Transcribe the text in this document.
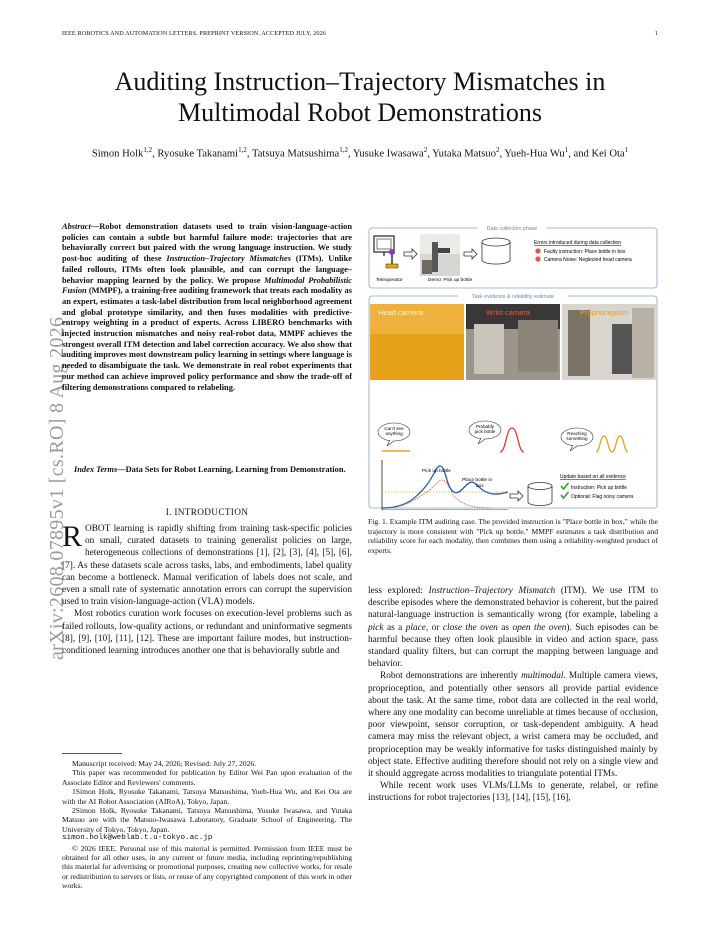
IEEE ROBOTICS AND AUTOMATION LETTERS. PREPRINT VERSION. ACCEPTED JULY, 2026	1
arXiv:2608.07895v1 [cs.RO] 8 Aug 2026
Auditing Instruction–Trajectory Mismatches in Multimodal Robot Demonstrations
Simon Holk$^{1,2}$, Ryosuke Takanami$^{1,2}$, Tatsuya Matsushima$^{1,2}$, Yusuke Iwasawa$^2$, Yutaka Matsuo$^2$, Yueh-Hua Wu$^1$, and Kei Ota$^1$
Abstract—Robot demonstration datasets used to train vision-language-action policies can contain a subtle but harmful failure mode: trajectories that are behaviorally correct but paired with the wrong language instruction. We study post-hoc auditing of these Instruction–Trajectory Mismatches (ITMs). Unlike failed rollouts, ITMs often look plausible, and can corrupt the language–behavior mapping learned by the policy. We propose Multimodal Probabilistic Fusion (MMPF), a training-free auditing framework that treats each modality as an expert, estimates a task-label distribution from local neighborhood agreement and global prototype similarity, and then fuses modalities with predictive-entropy weighting in a product of experts. Across LIBERO benchmarks with injected instruction mismatches and noisy real-robot data, MMPF achieves the strongest overall ITM detection and label correction accuracy. We also show that auditing improves most downstream policy learning in settings where language is needed to disambiguate the task. We demonstrate in real robot experiments that our method can achieve improved policy performance and show the trade-off of filtering demonstrations compared to relabeling.
Index Terms—Data Sets for Robot Learning, Learning from Demonstration.
I. INTRODUCTION

ROBOT learning is rapidly shifting from training task-specific policies on small, curated datasets to training generalist policies on large, heterogeneous collections of demonstrations [1], [2], [3], [4], [5], [6], [7]. As these datasets scale across tasks, labs, and embodiments, label quality can become a bottleneck. Manual verification of labels does not scale, and even a small rate of systematic annotation errors can corrupt the supervision used to train vision-language-action (VLA) models.

Most robotics curation work focuses on execution-level problems such as failed rollouts, low-quality actions, or redundant and uninformative segments [8], [9], [10], [11], [12]. These are important failure modes, but instruction-conditioned learning introduces another one that is behaviorally subtle and

Manuscript received: May 24, 2026; Revised: July 27, 2026.

This paper was recommended for publication by Editor Wei Pan upon evaluation of the Associate Editor and Reviewers' comments.

1Simon Holk, Ryosuke Takanami, Tatsuya Matsushima, Yueh-Hua Wu, and Kei Ota are with the AI Robot Association (AIRoA), Tokyo, Japan.

2Simon Holk, Ryosuke Takanami, Tatsuya Matsushima, Yusuke Iwasawa, and Yutaka Matsuo are with the Matsuo-Iwasawa Laboratory, Graduate School of Engineering, The University of Tokyo, Tokyo, Japan.

simon.holk@weblab.t.u-tokyo.ac.jp

© 2026 IEEE. Personal use of this material is permitted. Permission from IEEE must be obtained for all other uses, in any current or future media, including reprinting/republishing this material for advertising or promotional purposes, creating new collective works, for resale or redistribution to servers or lists, or reuse of any copyrighted component of this work in other works.

Data collection phase
Teleoperator	Demo: Pick up bottle
Errors introduced during data collection
Faulty instruction: Place bottle in box
Camera Noise: Neglected head camera
Task evidence & reliability estimate
Head camera	Wrist camera	Proprioception
Can't see anything
Probably pick bottle	Reaching something
Pick up bottle
Place bottle in box
Update based on all evidence
Instruction: Pick up bottle
Optional: Flag noisy camera
Fig. 1. Example ITM auditing case. The provided instruction is "Place bottle in box," while the trajectory is more consistent with "Pick up bottle." MMPF estimates a task distribution and reliability score for each modality, then combines them using a reliability-weighted product of experts.

less explored: Instruction–Trajectory Mismatch (ITM). We use ITM to describe episodes where the demonstrated behavior is coherent, but the paired natural-language instruction is semantically wrong (for example, labeling a pick as a place, or close the oven as open the oven). Such episodes can be harmful because they often look plausible in video and action space, pass standard quality filters, but can corrupt the mapping between language and behavior.

Robot demonstrations are inherently multimodal. Multiple camera views, proprioception, and potentially other sensors all provide partial evidence about the task. At the same time, robot data are collected in the real world, where any one modality can become unreliable at times because of occlusion, poor viewpoint, sensor corruption, or task-dependent ambiguity. A head camera may miss the relevant object, a wrist camera may be occluded, and proprioception may be weakly informative for tasks distinguished mainly by object state. Effective auditing therefore should not rely on a single view and it should aggregate across modalities to triangulate potential ITMs.

While recent work uses VLMs/LLMs to generate, relabel, or refine instructions for robot trajectories [13], [14], [15], [16],
